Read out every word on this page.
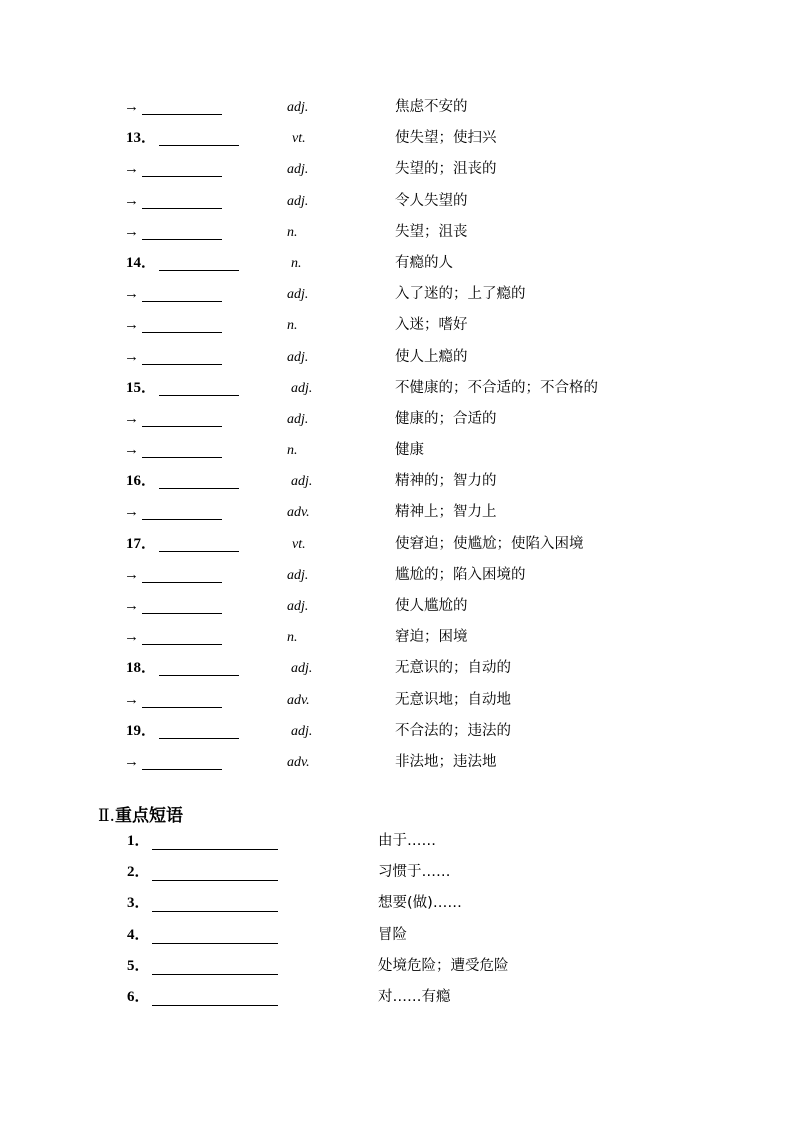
→	adj.	焦虑不安的
13．	vt.	使失望；使扫兴
→	adj.	失望的；沮丧的
→	adj.	令人失望的
→	n.	失望；沮丧
14．	n.	有瘾的人
→	adj.	入了迷的；上了瘾的
→	n.	入迷；嗜好
→	adj.	使人上瘾的
15．	adj.	不健康的；不合适的；不合格的
→	adj.	健康的；合适的
→	n.	健康
16．	adj.	精神的；智力的
→	adv.	精神上；智力上
17．	vt.	使窘迫；使尴尬；使陷入困境
→	adj.	尴尬的；陷入困境的
→	adj.	使人尴尬的
→	n.	窘迫；困境
18．	adj.	无意识的；自动的
→	adv.	无意识地；自动地
19．	adj.	不合法的；违法的
→	adv.	非法地；违法地
Ⅱ.重点短语
1．	由于……
2．	习惯于……
3．	想要(做)……
4．	冒险
5．	处境危险；遭受危险
6．	对……有瘾
